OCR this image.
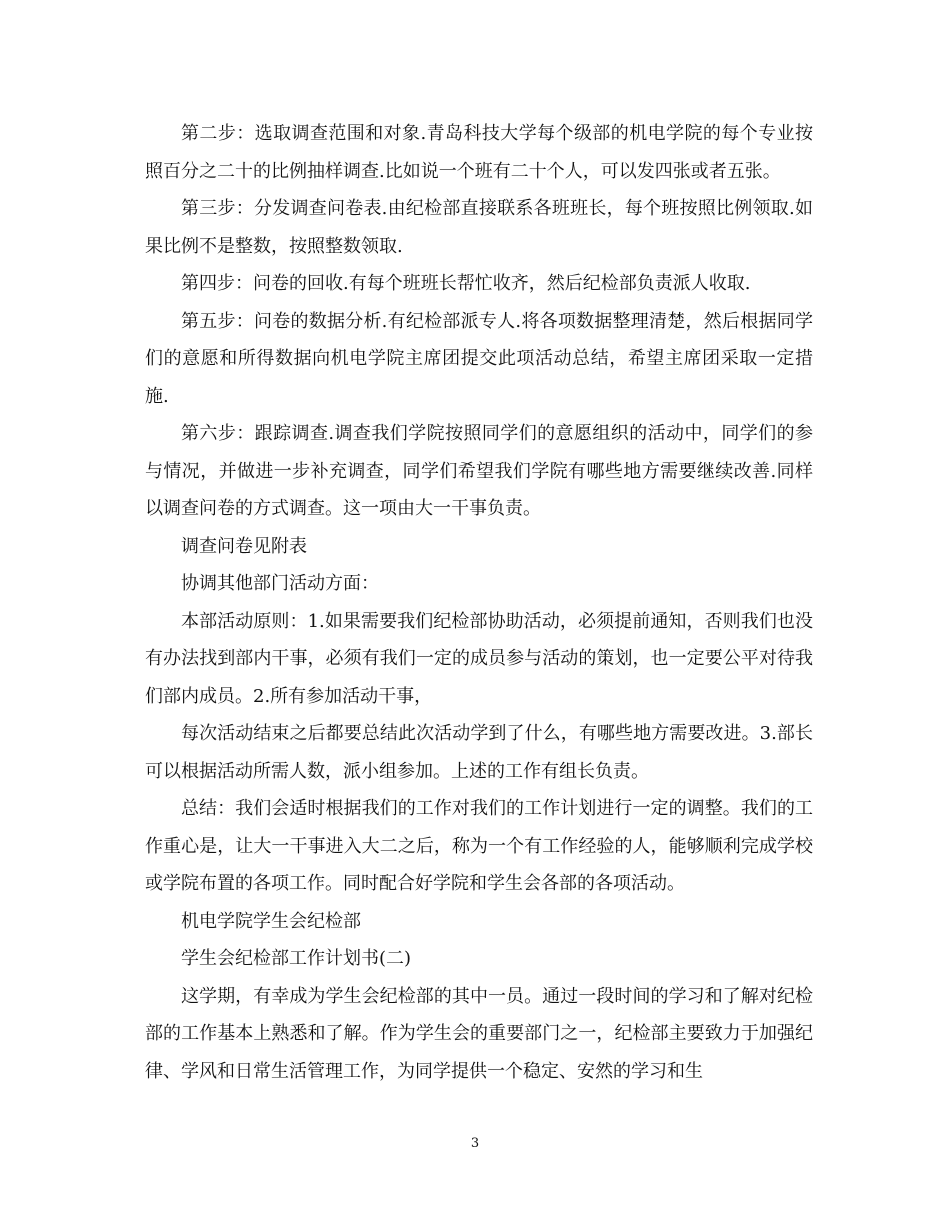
第二步：选取调查范围和对象.青岛科技大学每个级部的机电学院的每个专业按照百分之二十的比例抽样调查.比如说一个班有二十个人，可以发四张或者五张。

第三步：分发调查问卷表.由纪检部直接联系各班班长，每个班按照比例领取.如果比例不是整数，按照整数领取.

第四步：问卷的回收.有每个班班长帮忙收齐，然后纪检部负责派人收取.

第五步：问卷的数据分析.有纪检部派专人.将各项数据整理清楚，然后根据同学们的意愿和所得数据向机电学院主席团提交此项活动总结，希望主席团采取一定措施.

第六步：跟踪调查.调查我们学院按照同学们的意愿组织的活动中，同学们的参与情况，并做进一步补充调查，同学们希望我们学院有哪些地方需要继续改善.同样以调查问卷的方式调查。这一项由大一干事负责。

调查问卷见附表

协调其他部门活动方面：

本部活动原则：1.如果需要我们纪检部协助活动，必须提前通知，否则我们也没有办法找到部内干事，必须有我们一定的成员参与活动的策划，也一定要公平对待我们部内成员。2.所有参加活动干事，

每次活动结束之后都要总结此次活动学到了什么，有哪些地方需要改进。3.部长可以根据活动所需人数，派小组参加。上述的工作有组长负责。

总结：我们会适时根据我们的工作对我们的工作计划进行一定的调整。我们的工作重心是，让大一干事进入大二之后，称为一个有工作经验的人，能够顺利完成学校或学院布置的各项工作。同时配合好学院和学生会各部的各项活动。

机电学院学生会纪检部

学生会纪检部工作计划书(二)

这学期，有幸成为学生会纪检部的其中一员。通过一段时间的学习和了解对纪检部的工作基本上熟悉和了解。作为学生会的重要部门之一，纪检部主要致力于加强纪律、学风和日常生活管理工作，为同学提供一个稳定、安然的学习和生

3
